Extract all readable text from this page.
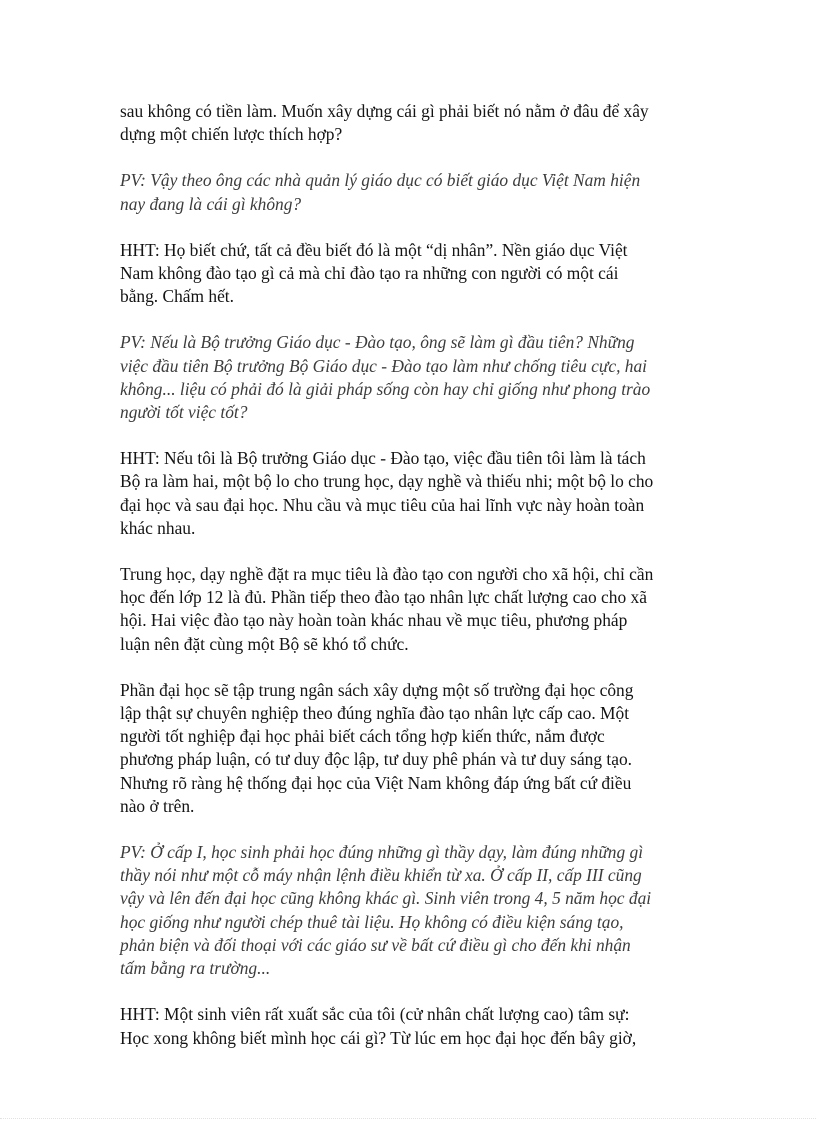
sau không có tiền làm. Muốn xây dựng cái gì phải biết nó nằm ở đâu để xây
dựng một chiến lược thích hợp?
PV: Vậy theo ông các nhà quản lý giáo dục có biết giáo dục Việt Nam hiện
nay đang là cái gì không?
HHT: Họ biết chứ, tất cả đều biết đó là một “dị nhân”. Nền giáo dục Việt
Nam không đào tạo gì cả mà chỉ đào tạo ra những con người có một cái
bằng. Chấm hết.
PV: Nếu là Bộ trưởng Giáo dục - Đào tạo, ông sẽ làm gì đầu tiên? Những
việc đầu tiên Bộ trưởng Bộ Giáo dục - Đào tạo làm như chống tiêu cực, hai
không... liệu có phải đó là giải pháp sống còn hay chỉ giống như phong trào
người tốt việc tốt?
HHT: Nếu tôi là Bộ trưởng Giáo dục - Đào tạo, việc đầu tiên tôi làm là tách
Bộ ra làm hai, một bộ lo cho trung học, dạy nghề và thiếu nhi; một bộ lo cho
đại học và sau đại học. Nhu cầu và mục tiêu của hai lĩnh vực này hoàn toàn
khác nhau.
Trung học, dạy nghề đặt ra mục tiêu là đào tạo con người cho xã hội, chỉ cần
học đến lớp 12 là đủ. Phần tiếp theo đào tạo nhân lực chất lượng cao cho xã
hội. Hai việc đào tạo này hoàn toàn khác nhau về mục tiêu, phương pháp
luận nên đặt cùng một Bộ sẽ khó tổ chức.
Phần đại học sẽ tập trung ngân sách xây dựng một số trường đại học công
lập thật sự chuyên nghiệp theo đúng nghĩa đào tạo nhân lực cấp cao. Một
người tốt nghiệp đại học phải biết cách tổng hợp kiến thức, nắm được
phương pháp luận, có tư duy độc lập, tư duy phê phán và tư duy sáng tạo.
Nhưng rõ ràng hệ thống đại học của Việt Nam không đáp ứng bất cứ điều
nào ở trên.
PV: Ở cấp I, học sinh phải học đúng những gì thầy dạy, làm đúng những gì
thầy nói như một cỗ máy nhận lệnh điều khiển từ xa. Ở cấp II, cấp III cũng
vậy và lên đến đại học cũng không khác gì. Sinh viên trong 4, 5 năm học đại
học giống như người chép thuê tài liệu. Họ không có điều kiện sáng tạo,
phản biện và đối thoại với các giáo sư về bất cứ điều gì cho đến khi nhận
tấm bằng ra trường...
HHT: Một sinh viên rất xuất sắc của tôi (cử nhân chất lượng cao) tâm sự:
Học xong không biết mình học cái gì? Từ lúc em học đại học đến bây giờ,
